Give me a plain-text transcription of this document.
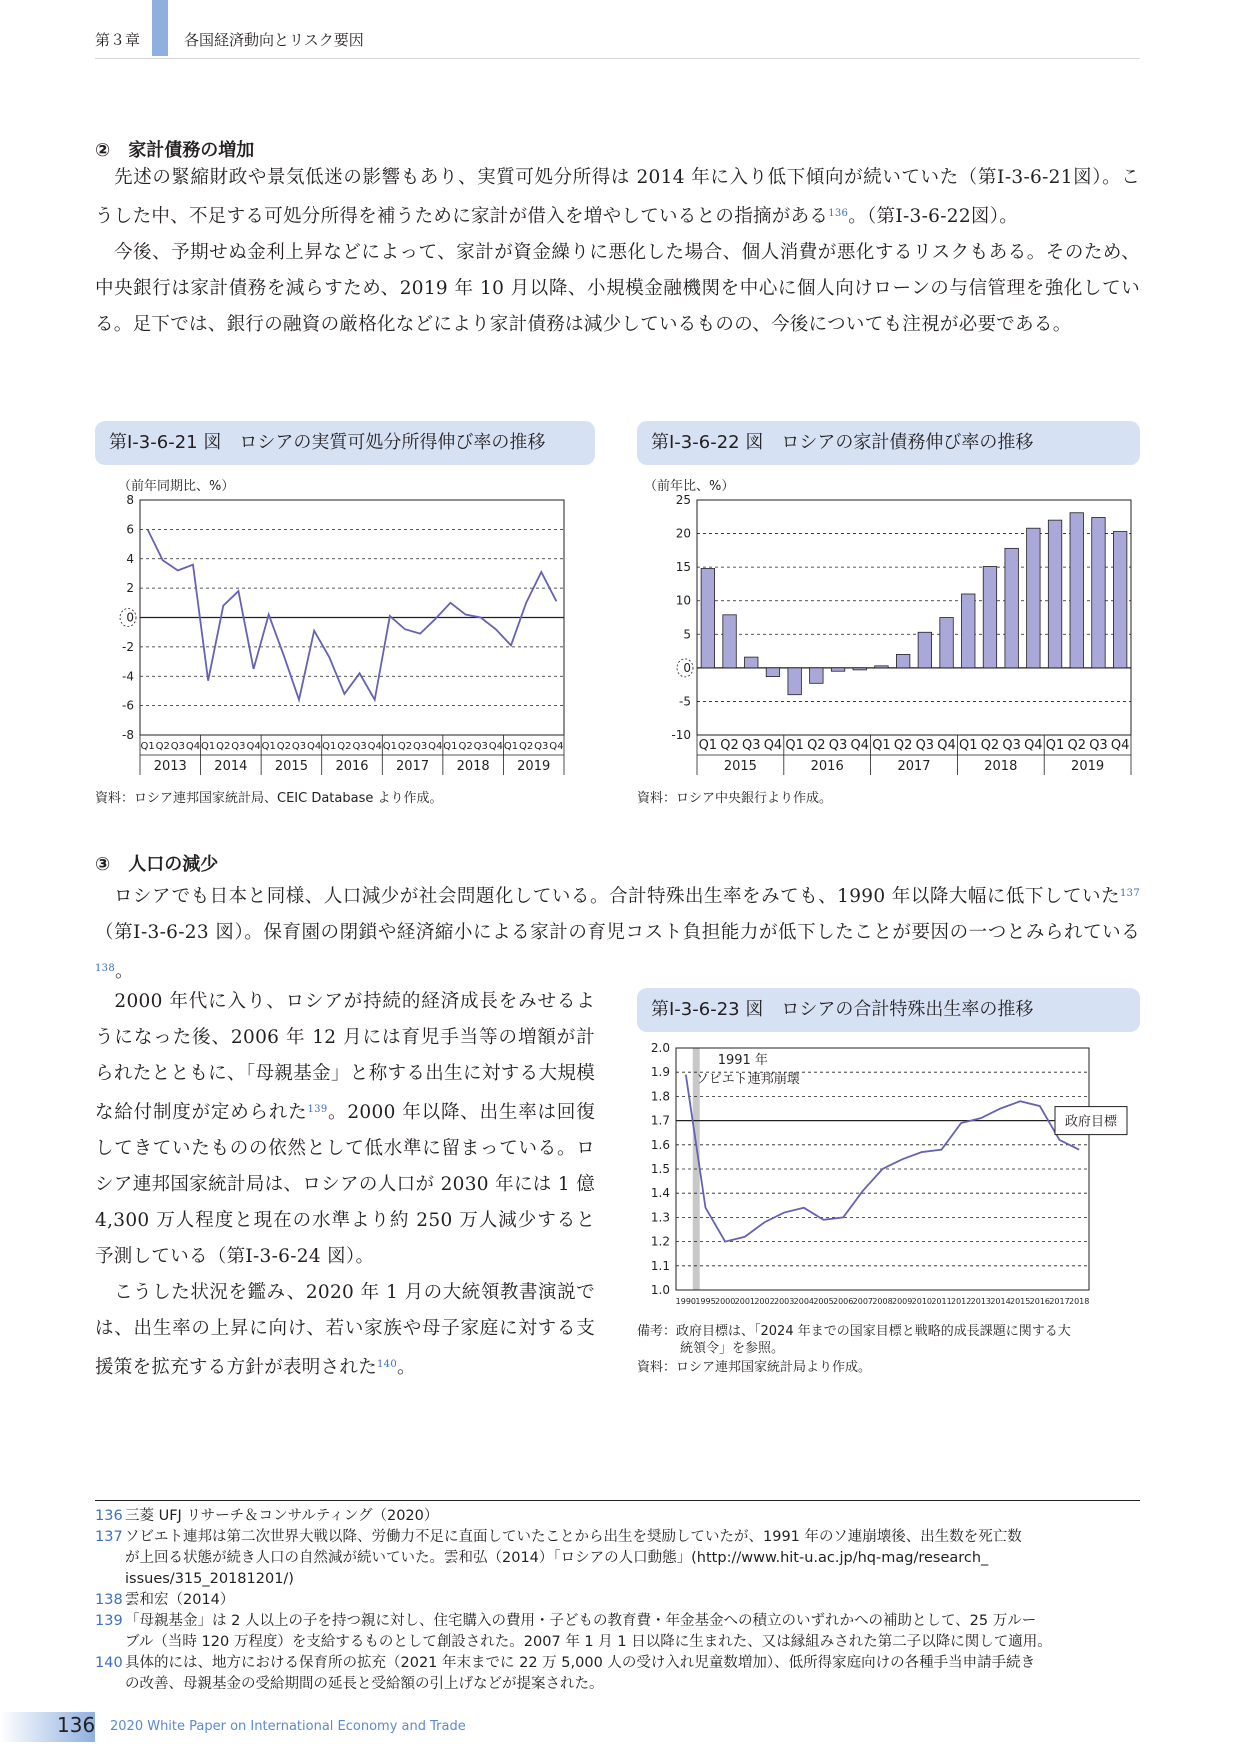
第３章	各国経済動向とリスク要因
②　家計債務の増加

　先述の緊縮財政や景気低迷の影響もあり、実質可処分所得は 2014 年に入り低下傾向が続いていた（第Ⅰ-3-6-21図）。こうした中、不足する可処分所得を補うために家計が借入を増やしているとの指摘がある$^{136}$。（第Ⅰ-3-6-22図）。

　今後、予期せぬ金利上昇などによって、家計が資金繰りに悪化した場合、個人消費が悪化するリスクもある。そのため、中央銀行は家計債務を減らすため、2019 年 10 月以降、小規模金融機関を中心に個人向けローンの与信管理を強化している。足下では、銀行の融資の厳格化などにより家計債務は減少しているものの、今後についても注視が必要である。

第Ⅰ-3-6-21 図　ロシアの実質可処分所得伸び率の推移
（前年同期比、%）
8
6
4
2
0
-2
-4
-6
-8
Q1 Q2 Q3 Q4 Q1 Q2 Q3 Q4 Q1 Q2 Q3 Q4 Q1 Q2 Q3 Q4 Q1 Q2 Q3 Q4 Q1 Q2 Q3 Q4 Q1 Q2 Q3 Q4
2013 2014 2015 2016 2017 2018 2019
資料：ロシア連邦国家統計局、CEIC Database より作成。
第Ⅰ-3-6-22 図　ロシアの家計債務伸び率の推移
（前年比、%）
25
20
15
10
5
0
-5
-10
Q1 Q2 Q3 Q4 Q1 Q2 Q3 Q4 Q1 Q2 Q3 Q4 Q1 Q2 Q3 Q4 Q1 Q2 Q3 Q4
2015	2016	2017	2018	2019
資料：ロシア中央銀行より作成。
③　人口の減少

　ロシアでも日本と同様、人口減少が社会問題化している。合計特殊出生率をみても、1990 年以降大幅に低下していた$^{137}$（第Ⅰ-3-6-23 図）。保育園の閉鎖や経済縮小による家計の育児コスト負担能力が低下したことが要因の一つとみられている$^{138}$。

　2000 年代に入り、ロシアが持続的経済成長をみせるようになった後、2006 年 12 月には育児手当等の増額が計られたとともに、「母親基金」と称する出生に対する大規模な給付制度が定められた$^{139}$。2000 年以降、出生率は回復してきていたものの依然として低水準に留まっている。ロシア連邦国家統計局は、ロシアの人口が 2030 年には 1 億 4,300 万人程度と現在の水準より約 250 万人減少すると予測している（第Ⅰ-3-6-24 図）。

　こうした状況を鑑み、2020 年 1 月の大統領教書演説では、出生率の上昇に向け、若い家族や母子家庭に対する支援策を拡充する方針が表明された$^{140}$。

第Ⅰ-3-6-23 図　ロシアの合計特殊出生率の推移
2.0
1.9
1.8
1.7
1.6
1.5
1.4
1.3
1.2
1.1
1.0
1990 1995 2000 2001 2002 2003 2004 2005 2006 2007 2008 2009 2010 2011 2012 2013 2014 2015 2016 2017 2018
1991 年
ソビエト連邦崩壊
政府目標
備考：政府目標は、「2024 年までの国家目標と戦略的成長課題に関する大
統領令」を参照。
資料：ロシア連邦国家統計局より作成。
136 三菱 UFJ リサーチ＆コンサルティング（2020）
137 ソビエト連邦は第二次世界大戦以降、労働力不足に直面していたことから出生を奨励していたが、1991 年のソ連崩壊後、出生数を死亡数
が上回る状態が続き人口の自然減が続いていた。雲和弘（2014）「ロシアの人口動態」(http://www.hit-u.ac.jp/hq-mag/research_
issues/315_20181201/)
138 雲和宏（2014）
139 「母親基金」は 2 人以上の子を持つ親に対し、住宅購入の費用・子どもの教育費・年金基金への積立のいずれかへの補助として、25 万ルー
ブル（当時 120 万程度）を支給するものとして創設された。2007 年 1 月 1 日以降に生まれた、又は縁組みされた第二子以降に関して適用。
140 具体的には、地方における保育所の拡充（2021 年末までに 22 万 5,000 人の受け入れ児童数増加）、低所得家庭向けの各種手当申請手続き
の改善、母親基金の受給期間の延長と受給額の引上げなどが提案された。
136 2020 White Paper on International Economy and Trade
